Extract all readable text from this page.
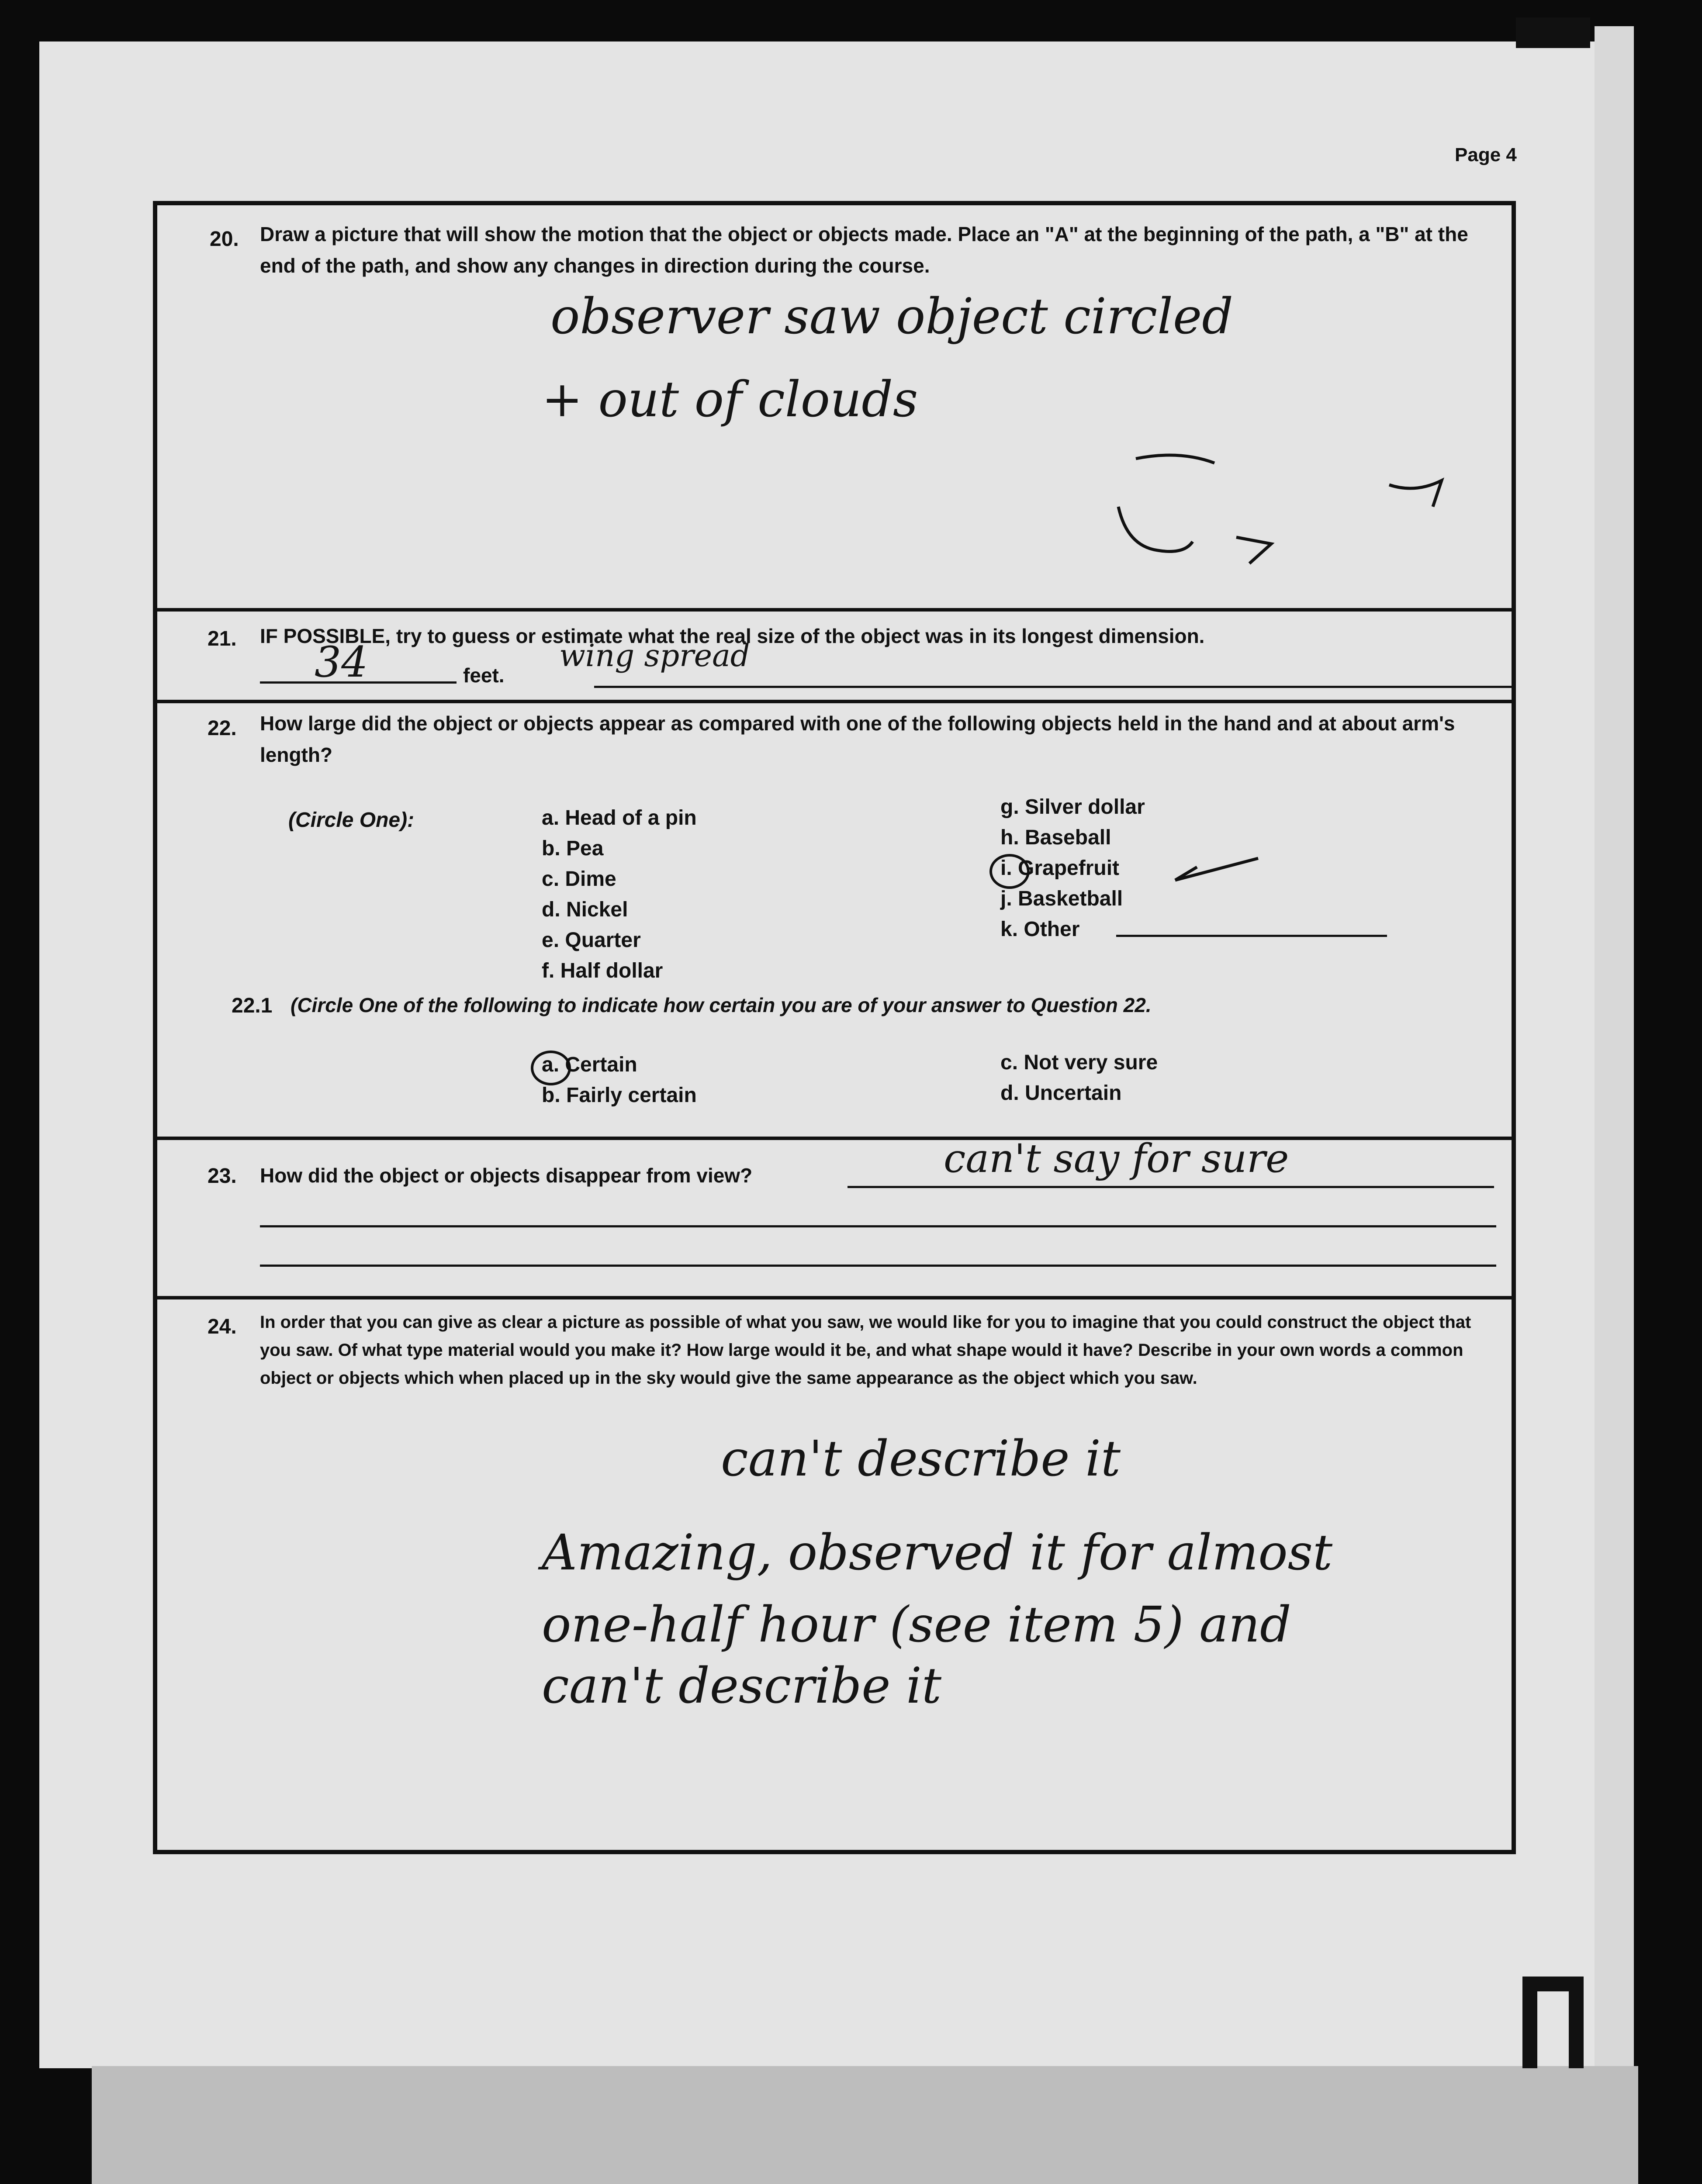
Page 4
20. Draw a picture that will show the motion that the object or objects made. Place an "A" at the beginning of the path, a "B" at the end of the path, and show any changes in direction during the course.
observer saw object circled
+ out of clouds
21. IF POSSIBLE, try to guess or estimate what the real size of the object was in its longest dimension.
34	feet.
wing spread
22. How large did the object or objects appear as compared with one of the following objects held in the hand and at about arm's length?
(Circle One):	a. Head of a pin
b. Pea
c. Dime
d. Nickel
e. Quarter
f. Half dollar
g. Silver dollar
h. Baseball
i. Grapefruit
j. Basketball
k. Other
22.1 (Circle One of the following to indicate how certain you are of your answer to Question 22.
a. Certain
b. Fairly certain
c. Not very sure
d. Uncertain
23. How did the object or objects disappear from view?	can't say for sure
24. In order that you can give as clear a picture as possible of what you saw, we would like for you to imagine that you could construct the object that you saw. Of what type material would you make it? How large would it be, and what shape would it have? Describe in your own words a common object or objects which when placed up in the sky would give the same appearance as the object which you saw.
can't describe it
Amazing, observed it for almost
one-half hour (see item 5) and
can't describe it
